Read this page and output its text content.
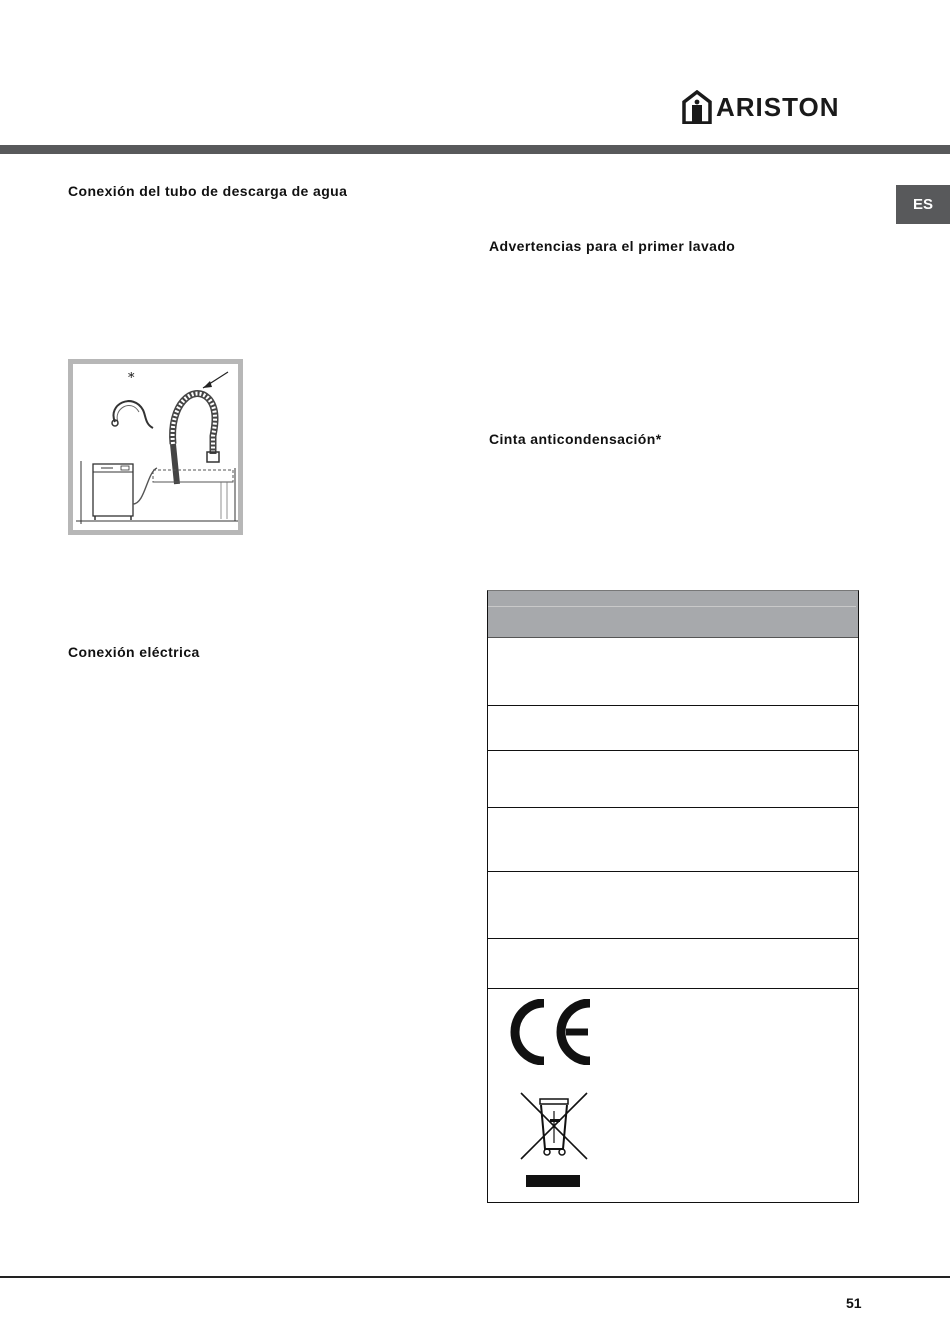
ARISTON
ES
Conexión del tubo de descarga de agua
*
Conexión eléctrica
Advertencias para el primer lavado
Cinta anticondensación*
51
